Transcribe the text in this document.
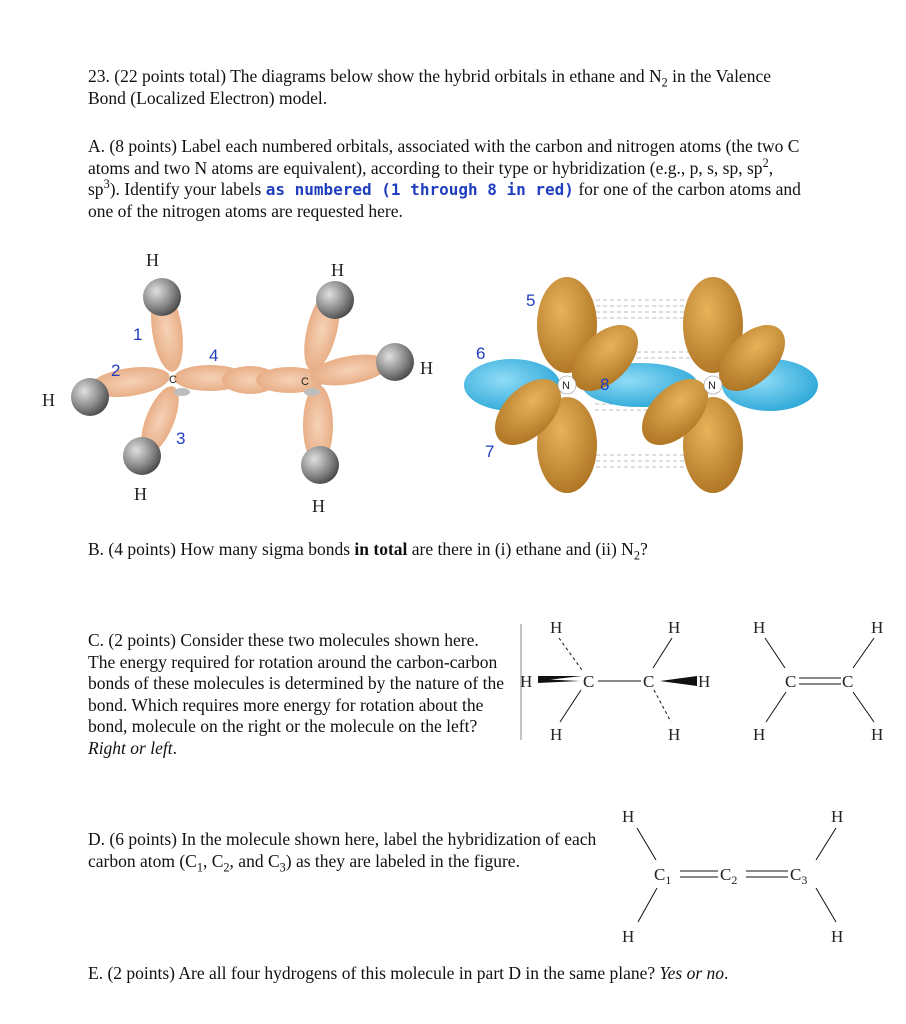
23. (22 points total) The diagrams below show the hybrid orbitals in ethane and $N_2$ in the Valence Bond (Localized Electron) model.
A. (8 points) Label each numbered orbitals, associated with the carbon and nitrogen atoms (the two C atoms and two N atoms are equivalent), according to their type or hybridization (e.g., p, s, sp, $sp^2$, $sp^3$). Identify your labels as numbered (1 through 8 in red) for one of the carbon atoms and one of the nitrogen atoms are requested here.
B. (4 points) How many sigma bonds in total are there in (i) ethane and (ii) $N_2$?
C. (2 points) Consider these two molecules shown here. The energy required for rotation around the carbon-carbon bonds of these molecules is determined by the nature of the bond. Which requires more energy for rotation about the bond, molecule on the right or the molecule on the left? Right or left.
D. (6 points) In the molecule shown here, label the hybridization of each carbon atom ($C_1$, $C_2$, and $C_3$) as they are labeled in the figure.
E. (2 points) Are all four hydrogens of this molecule in part D in the same plane? Yes or no.
C	C
H	H
H
H
H
H
1
2
3
4
N	N
5
6
7
8
H
H
H
C	C
H
H
H
H	H
C	C
H	H
H	H
H	H
$C_1$	$C_2$	$C_3$
